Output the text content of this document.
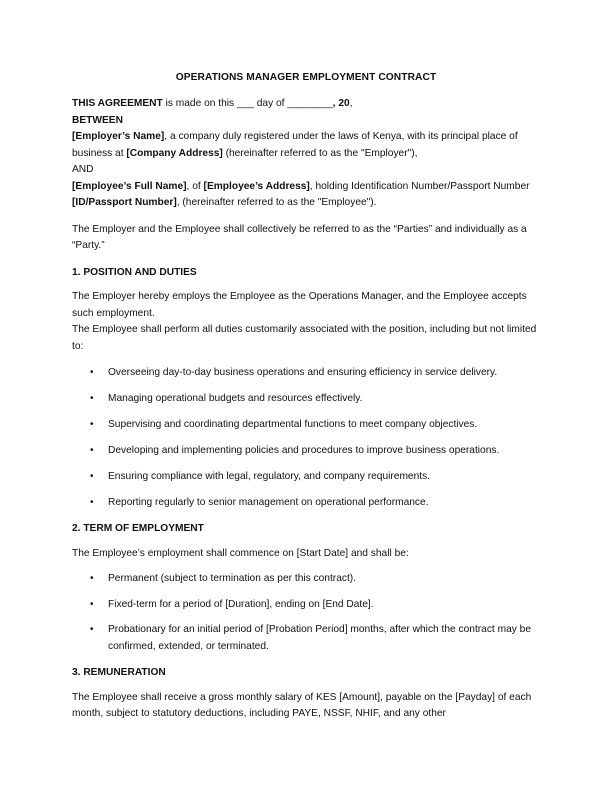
OPERATIONS MANAGER EMPLOYMENT CONTRACT

THIS AGREEMENT is made on this ___ day of ________, 20,

BETWEEN

[Employer’s Name], a company duly registered under the laws of Kenya, with its principal place of business at [Company Address] (hereinafter referred to as the "Employer"),

AND

[Employee’s Full Name], of [Employee’s Address], holding Identification Number/Passport Number [ID/Passport Number], (hereinafter referred to as the "Employee").

The Employer and the Employee shall collectively be referred to as the “Parties” and individually as a “Party.”

1. POSITION AND DUTIES

The Employer hereby employs the Employee as the Operations Manager, and the Employee accepts such employment.

The Employee shall perform all duties customarily associated with the position, including but not limited to:

• Overseeing day-to-day business operations and ensuring efficiency in service delivery.
• Managing operational budgets and resources effectively.
• Supervising and coordinating departmental functions to meet company objectives.
• Developing and implementing policies and procedures to improve business operations.
• Ensuring compliance with legal, regulatory, and company requirements.
• Reporting regularly to senior management on operational performance.

2. TERM OF EMPLOYMENT

The Employee’s employment shall commence on [Start Date] and shall be:

• Permanent (subject to termination as per this contract).
• Fixed-term for a period of [Duration], ending on [End Date].
• Probationary for an initial period of [Probation Period] months, after which the contract may be confirmed, extended, or terminated.

3. REMUNERATION

The Employee shall receive a gross monthly salary of KES [Amount], payable on the [Payday] of each month, subject to statutory deductions, including PAYE, NSSF, NHIF, and any other
